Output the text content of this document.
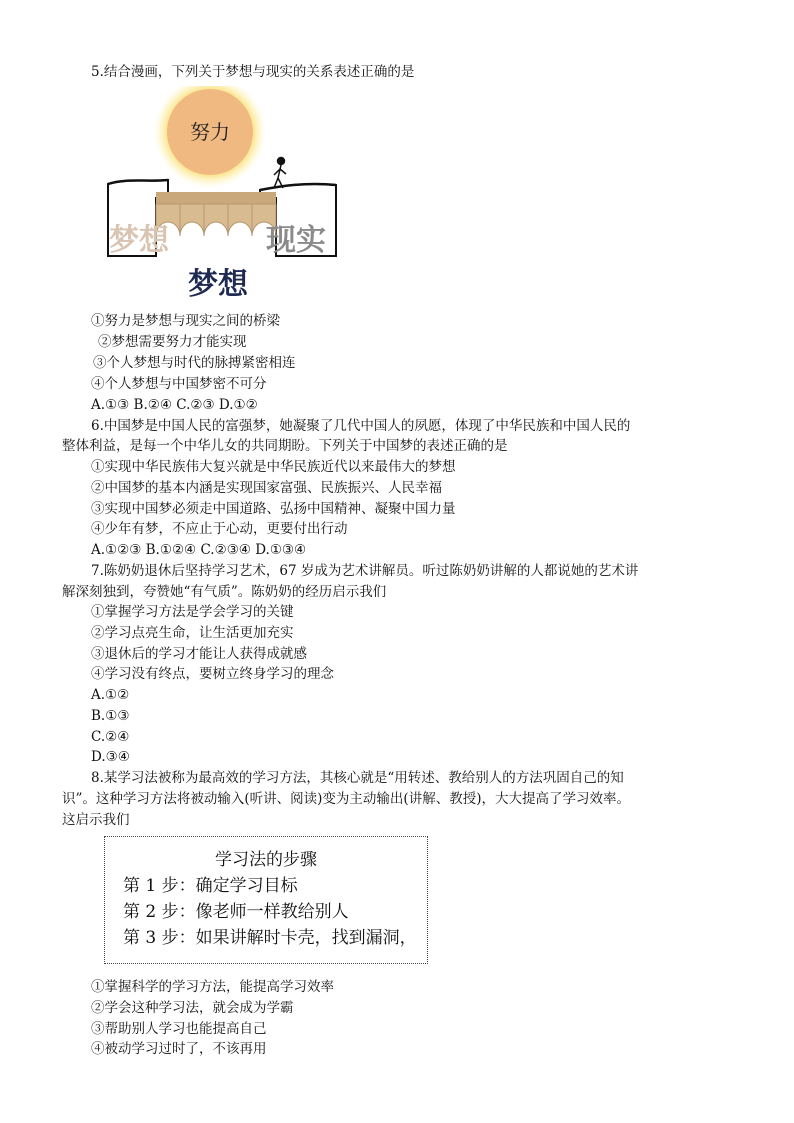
5.结合漫画，下列关于梦想与现实的关系表述正确的是
努力
梦想	现实
梦想
①努力是梦想与现实之间的桥梁
②梦想需要努力才能实现
③个人梦想与时代的脉搏紧密相连
④个人梦想与中国梦密不可分
A.①③ B.②④ C.②③ D.①②
6.中国梦是中国人民的富强梦，她凝聚了几代中国人的夙愿，体现了中华民族和中国人民的
整体利益，是每一个中华儿女的共同期盼。下列关于中国梦的表述正确的是
①实现中华民族伟大复兴就是中华民族近代以来最伟大的梦想
②中国梦的基本内涵是实现国家富强、民族振兴、人民幸福
③实现中国梦必须走中国道路、弘扬中国精神、凝聚中国力量
④少年有梦，不应止于心动，更要付出行动
A.①②③ B.①②④ C.②③④ D.①③④
7.陈奶奶退休后坚持学习艺术，67 岁成为艺术讲解员。听过陈奶奶讲解的人都说她的艺术讲
解深刻独到，夸赞她“有气质”。陈奶奶的经历启示我们
①掌握学习方法是学会学习的关键
②学习点亮生命，让生活更加充实
③退休后的学习才能让人获得成就感
④学习没有终点，要树立终身学习的理念
A.①②
B.①③
C.②④
D.③④
8.某学习法被称为最高效的学习方法，其核心就是“用转述、教给别人的方法巩固自己的知
识”。这种学习方法将被动输入(听讲、阅读)变为主动输出(讲解、教授)，大大提高了学习效率。
这启示我们
学习法的步骤
第 1 步：确定学习目标
第 2 步：像老师一样教给别人
第 3 步：如果讲解时卡壳，找到漏洞，
①掌握科学的学习方法，能提高学习效率
②学会这种学习法，就会成为学霸
③帮助别人学习也能提高自己
④被动学习过时了，不该再用
